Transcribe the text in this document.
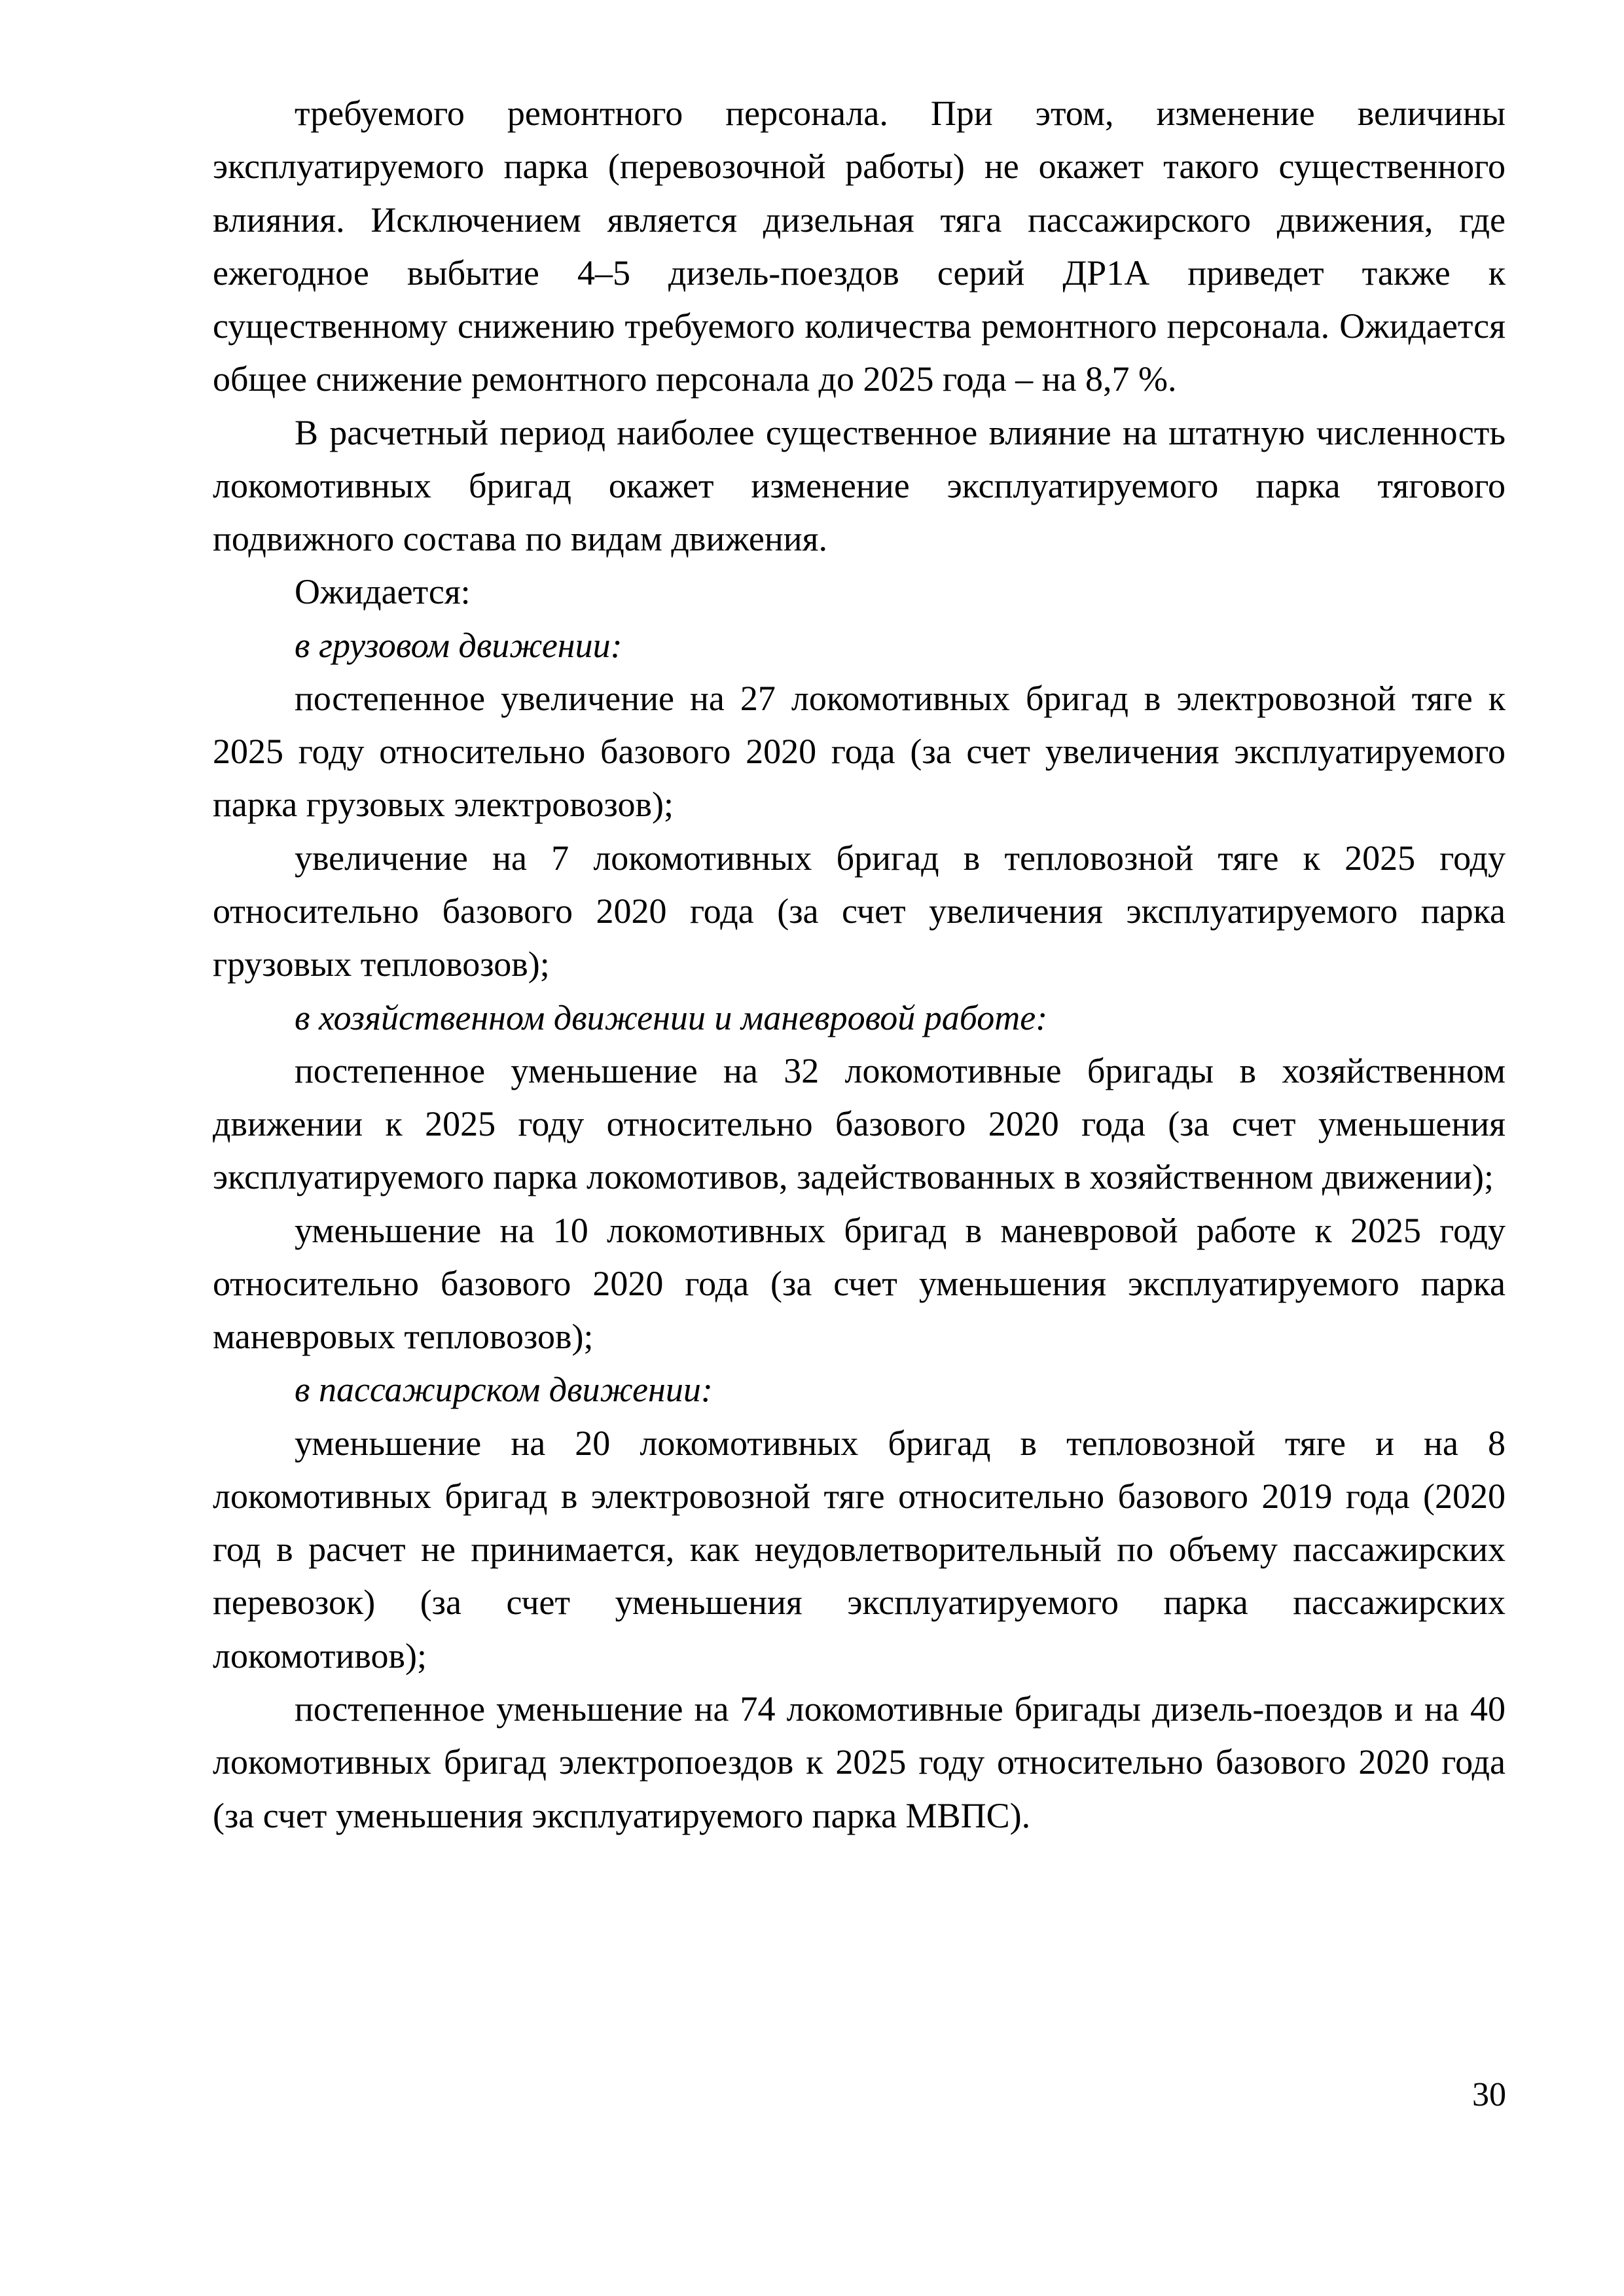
требуемого ремонтного персонала. При этом, изменение величины эксплуатируемого парка (перевозочной работы) не окажет такого существенного влияния. Исключением является дизельная тяга пассажирского движения, где ежегодное выбытие 4–5 дизель-поездов серий ДР1А приведет также к существенному снижению требуемого количества ремонтного персонала. Ожидается общее снижение ремонтного персонала до 2025 года – на 8,7 %.

В расчетный период наиболее существенное влияние на штатную численность локомотивных бригад окажет изменение эксплуатируемого парка тягового подвижного состава по видам движения.

Ожидается:

в грузовом движении:

постепенное увеличение на 27 локомотивных бригад в электровозной тяге к 2025 году относительно базового 2020 года (за счет увеличения эксплуатируемого парка грузовых электровозов);

увеличение на 7 локомотивных бригад в тепловозной тяге к 2025 году относительно базового 2020 года (за счет увеличения эксплуатируемого парка грузовых тепловозов);

в хозяйственном движении и маневровой работе:

постепенное уменьшение на 32 локомотивные бригады в хозяйственном движении к 2025 году относительно базового 2020 года (за счет уменьшения эксплуатируемого парка локомотивов, задействованных в хозяйственном движении);

уменьшение на 10 локомотивных бригад в маневровой работе к 2025 году относительно базового 2020 года (за счет уменьшения эксплуатируемого парка маневровых тепловозов);

в пассажирском движении:

уменьшение на 20 локомотивных бригад в тепловозной тяге и на 8 локомотивных бригад в электровозной тяге относительно базового 2019 года (2020 год в расчет не принимается, как неудовлетворительный по объему пассажирских перевозок) (за счет уменьшения эксплуатируемого парка пассажирских локомотивов);

постепенное уменьшение на 74 локомотивные бригады дизель-поездов и на 40 локомотивных бригад электропоездов к 2025 году относительно базового 2020 года (за счет уменьшения эксплуатируемого парка МВПС).

30
